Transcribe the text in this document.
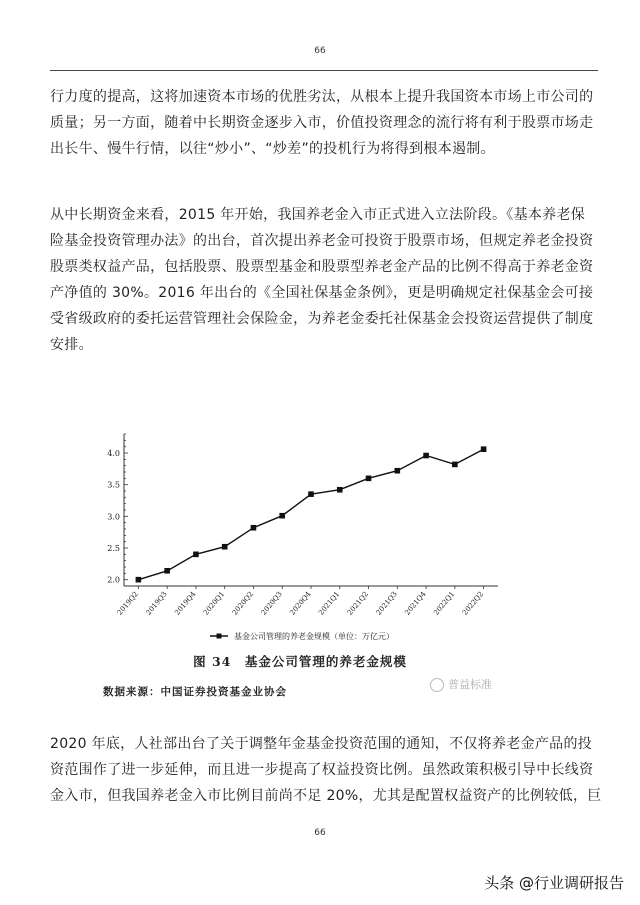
66
行力度的提高，这将加速资本市场的优胜劣汰，从根本上提升我国资本市场上市公司的
质量；另一方面，随着中长期资金逐步入市，价值投资理念的流行将有利于股票市场走
出长牛、慢牛行情，以往“炒小”、“炒差”的投机行为将得到根本遏制。
从中长期资金来看，2015 年开始，我国养老金入市正式进入立法阶段。《基本养老保
险基金投资管理办法》的出台，首次提出养老金可投资于股票市场，但规定养老金投资
股票类权益产品，包括股票、股票型基金和股票型养老金产品的比例不得高于养老金资
产净值的 30%。2016 年出台的《全国社保基金条例》，更是明确规定社保基金会可接
受省级政府的委托运营管理社会保险金，为养老金委托社保基金会投资运营提供了制度
安排。
2.0
2.5
3.0
3.5
4.0
2019Q2 2019Q3 2019Q4 2020Q1 2020Q2 2020Q3 2020Q4 2021Q1 2021Q2 2021Q3 2021Q4 2022Q1 2022Q2
基金公司管理的养老金规模（单位：万亿元）
图 34　基金公司管理的养老金规模
数据来源：中国证券投资基金业协会
普益标准
2020 年底，人社部出台了关于调整年金基金投资范围的通知，不仅将养老金产品的投
资范围作了进一步延伸，而且进一步提高了权益投资比例。虽然政策积极引导中长线资
金入市，但我国养老金入市比例目前尚不足 20%，尤其是配置权益资产的比例较低，巨
66
头条 @行业调研报告
